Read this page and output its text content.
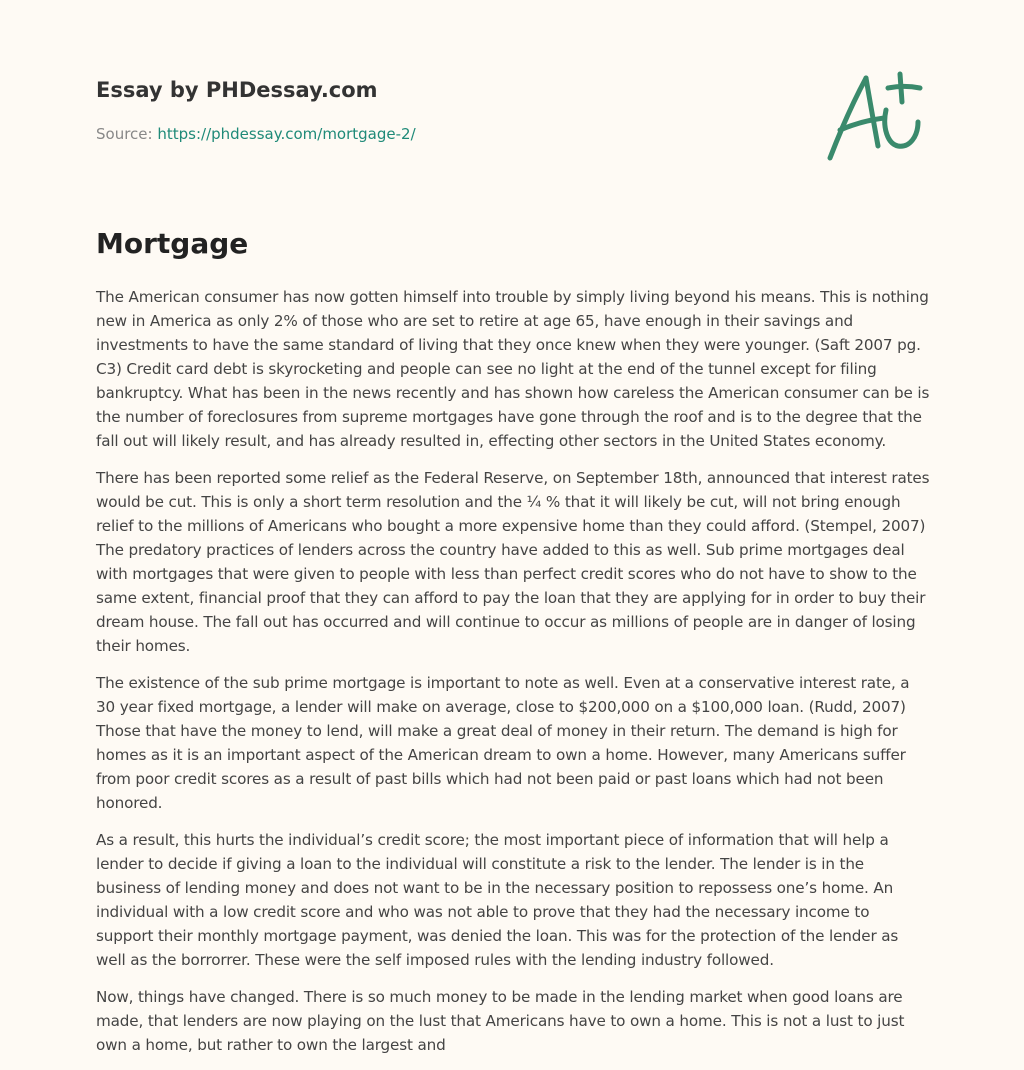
Essay by PHDessay.com
Source: https://phdessay.com/mortgage-2/
Mortgage

The American consumer has now gotten himself into trouble by simply living beyond his means. This is nothing new in America as only 2% of those who are set to retire at age 65, have enough in their savings and investments to have the same standard of living that they once knew when they were younger. (Saft 2007 pg. C3) Credit card debt is skyrocketing and people can see no light at the end of the tunnel except for filing bankruptcy. What has been in the news recently and has shown how careless the American consumer can be is the number of foreclosures from supreme mortgages have gone through the roof and is to the degree that the fall out will likely result, and has already resulted in, effecting other sectors in the United States economy.

There has been reported some relief as the Federal Reserve, on September 18th, announced that interest rates would be cut. This is only a short term resolution and the ¼ % that it will likely be cut, will not bring enough relief to the millions of Americans who bought a more expensive home than they could afford. (Stempel, 2007) The predatory practices of lenders across the country have added to this as well. Sub prime mortgages deal with mortgages that were given to people with less than perfect credit scores who do not have to show to the same extent, financial proof that they can afford to pay the loan that they are applying for in order to buy their dream house. The fall out has occurred and will continue to occur as millions of people are in danger of losing their homes.

The existence of the sub prime mortgage is important to note as well. Even at a conservative interest rate, a 30 year fixed mortgage, a lender will make on average, close to $200,000 on a $100,000 loan. (Rudd, 2007) Those that have the money to lend, will make a great deal of money in their return. The demand is high for homes as it is an important aspect of the American dream to own a home. However, many Americans suffer from poor credit scores as a result of past bills which had not been paid or past loans which had not been honored.

As a result, this hurts the individual’s credit score; the most important piece of information that will help a lender to decide if giving a loan to the individual will constitute a risk to the lender. The lender is in the business of lending money and does not want to be in the necessary position to repossess one’s home. An individual with a low credit score and who was not able to prove that they had the necessary income to support their monthly mortgage payment, was denied the loan. This was for the protection of the lender as well as the borrorrer. These were the self imposed rules with the lending industry followed.

Now, things have changed. There is so much money to be made in the lending market when good loans are made, that lenders are now playing on the lust that Americans have to own a home. This is not a lust to just own a home, but rather to own the largest and
